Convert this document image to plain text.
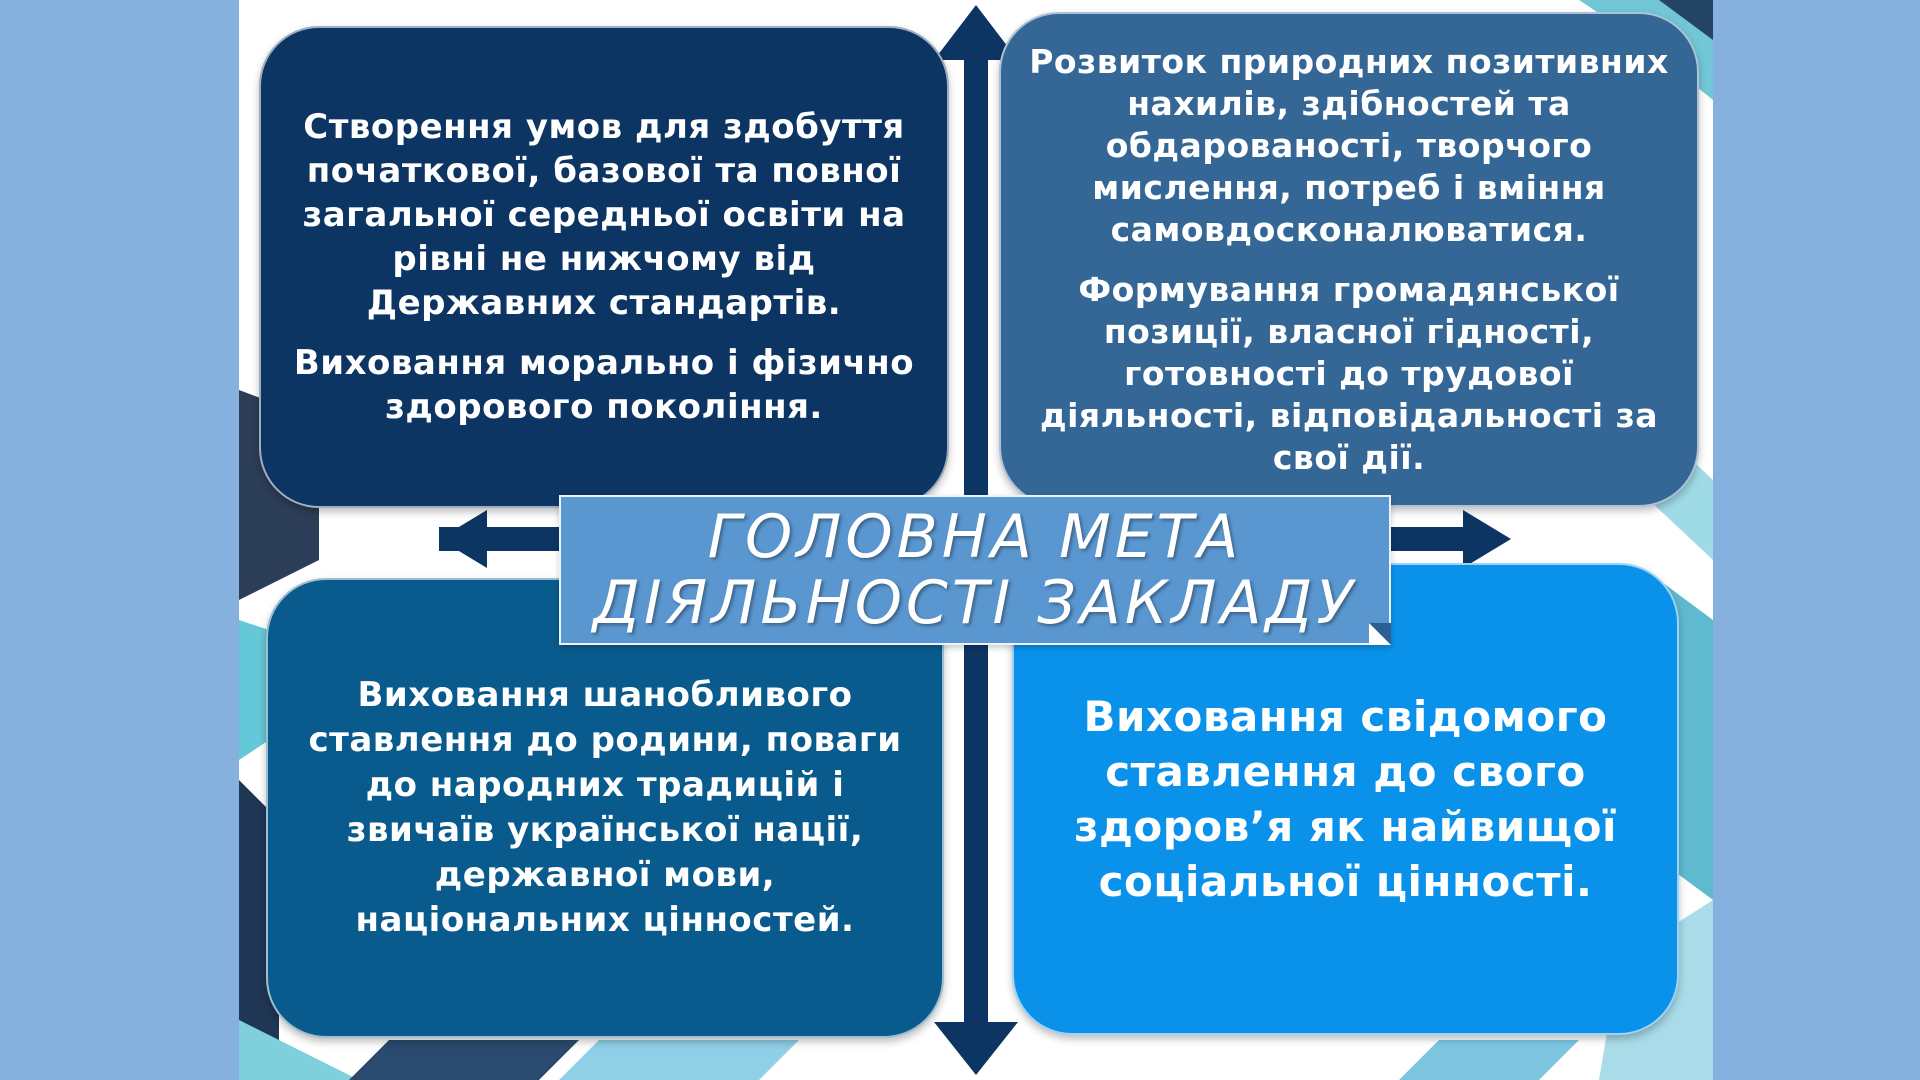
Створення умов для здобуття початкової, базової та повної загальної середньої освіти на рівні не нижчому від Державних стандартів.

Виховання морально і фізично здорового покоління.

Розвиток природних позитивних нахилів, здібностей та обдарованості, творчого мислення, потреб і вміння самовдосконалюватися.

Формування громадянської позиції, власної гідності, готовності до трудової діяльності, відповідальності за свої дії.

Виховання шанобливого ставлення до родини, поваги до народних традицій і звичаїв української нації, державної мови, національних цінностей.

Виховання свідомого ставлення до свого здоров’я як найвищої соціальної цінності.

ГОЛОВНА МЕТА
ДІЯЛЬНОСТІ ЗАКЛАДУ
